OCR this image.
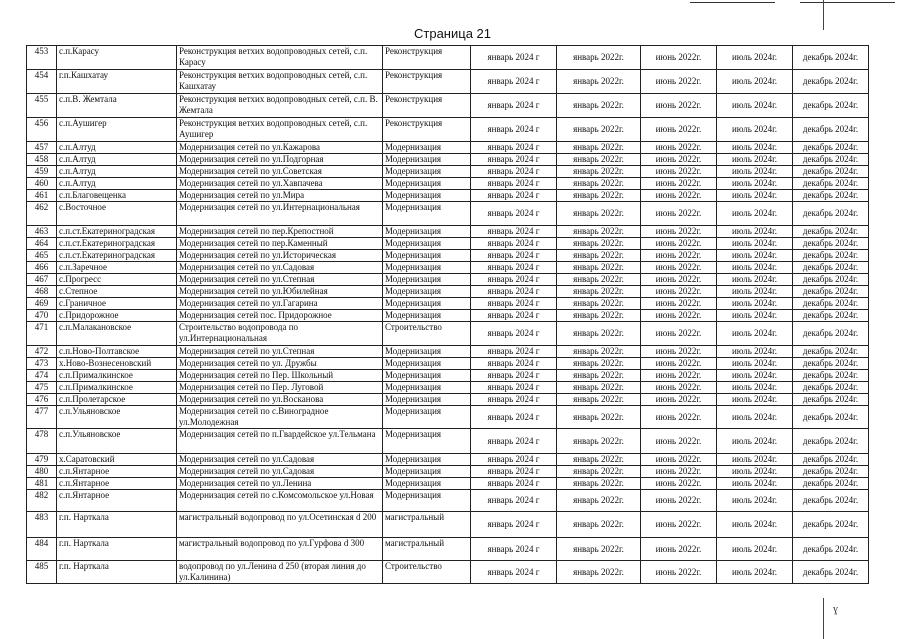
Страница 21
453	с.п.Карасу	Реконструкция ветхих водопроводных сетей, с.п. Карасу	Реконструкция	январь 2024 г	январь 2022г.	июнь 2022г.	июль 2024г.	декабрь 2024г.
454	г.п.Кашхатау	Реконструкция ветхих водопроводных сетей, с.п. Кашхатау	Реконструкция	январь 2024 г	январь 2022г.	июнь 2022г.	июль 2024г.	декабрь 2024г.
455	с.п.В. Жемтала	Реконструкция ветхих водопроводных сетей, с.п. В. Жемтала	Реконструкция	январь 2024 г	январь 2022г.	июнь 2022г.	июль 2024г.	декабрь 2024г.
456	с.п.Аушигер	Реконструкция ветхих водопроводных сетей, с.п. Аушигер	Реконструкция	январь 2024 г	январь 2022г.	июнь 2022г.	июль 2024г.	декабрь 2024г.
457	с.п.Алтуд	Модернизация сетей по ул.Кажарова	Модернизация	январь 2024 г	январь 2022г.	июнь 2022г.	июль 2024г.	декабрь 2024г.
458	с.п.Алтуд	Модернизация сетей по ул.Подгорная	Модернизация	январь 2024 г	январь 2022г.	июнь 2022г.	июль 2024г.	декабрь 2024г.
459	с.п.Алтуд	Модернизация сетей по ул.Советская	Модернизация	январь 2024 г	январь 2022г.	июнь 2022г.	июль 2024г.	декабрь 2024г.
460	с.п.Алтуд	Модернизация сетей по ул.Хавпачева	Модернизация	январь 2024 г	январь 2022г.	июнь 2022г.	июль 2024г.	декабрь 2024г.
461	с.п.Благовещенка	Модернизация сетей по ул.Мира	Модернизация	январь 2024 г	январь 2022г.	июнь 2022г.	июль 2024г.	декабрь 2024г.
462	с.Восточное	Модернизация сетей по ул.Интернациональная	Модернизация	январь 2024 г	январь 2022г.	июнь 2022г.	июль 2024г.	декабрь 2024г.
463	с.п.ст.Екатериноградская	Модернизация сетей по пер.Крепостной	Модернизация	январь 2024 г	январь 2022г.	июнь 2022г.	июль 2024г.	декабрь 2024г.
464	с.п.ст.Екатериноградская	Модернизация сетей по пер.Каменный	Модернизация	январь 2024 г	январь 2022г.	июнь 2022г.	июль 2024г.	декабрь 2024г.
465	с.п.ст.Екатериноградская	Модернизация сетей по ул.Историческая	Модернизация	январь 2024 г	январь 2022г.	июнь 2022г.	июль 2024г.	декабрь 2024г.
466	с.п.Заречное	Модернизация сетей по ул.Садовая	Модернизация	январь 2024 г	январь 2022г.	июнь 2022г.	июль 2024г.	декабрь 2024г.
467	с.Прогресс	Модернизация сетей по ул.Степная	Модернизация	январь 2024 г	январь 2022г.	июнь 2022г.	июль 2024г.	декабрь 2024г.
468	с.Степное	Модернизация сетей по ул.Юбилейная	Модернизация	январь 2024 г	январь 2022г.	июнь 2022г.	июль 2024г.	декабрь 2024г.
469	с.Граничное	Модернизация сетей по ул.Гагарина	Модернизация	январь 2024 г	январь 2022г.	июнь 2022г.	июль 2024г.	декабрь 2024г.
470	с.Придорожное	Модернизация сетей пос. Придорожное	Модернизация	январь 2024 г	январь 2022г.	июнь 2022г.	июль 2024г.	декабрь 2024г.
471	с.п.Малакановское	Строительство водопровода по ул.Интернациональная	Строительство	январь 2024 г	январь 2022г.	июнь 2022г.	июль 2024г.	декабрь 2024г.
472	с.п.Ново-Полтавское	Модернизация сетей по ул.Степная	Модернизация	январь 2024 г	январь 2022г.	июнь 2022г.	июль 2024г.	декабрь 2024г.
473	х.Ново-Вознесеновский	Модернизация сетей по ул. Дружбы	Модернизация	январь 2024 г	январь 2022г.	июнь 2022г.	июль 2024г.	декабрь 2024г.
474	с.п.Прималкинское	Модернизация сетей по Пер. Школьный	Модернизация	январь 2024 г	январь 2022г.	июнь 2022г.	июль 2024г.	декабрь 2024г.
475	с.п.Прималкинское	Модернизация сетей по Пер. Луговой	Модернизация	январь 2024 г	январь 2022г.	июнь 2022г.	июль 2024г.	декабрь 2024г.
476	с.п.Пролетарское	Модернизация сетей по ул.Восканова	Модернизация	январь 2024 г	январь 2022г.	июнь 2022г.	июль 2024г.	декабрь 2024г.
477	с.п.Ульяновское	Модернизация сетей по с.Виноградное ул.Молодежная	Модернизация	январь 2024 г	январь 2022г.	июнь 2022г.	июль 2024г.	декабрь 2024г.
478	с.п.Ульяновское	Модернизация сетей по п.Гвардейское ул.Тельмана	Модернизация	январь 2024 г	январь 2022г.	июнь 2022г.	июль 2024г.	декабрь 2024г.
479	х.Саратовский	Модернизация сетей по ул.Садовая	Модернизация	январь 2024 г	январь 2022г.	июнь 2022г.	июль 2024г.	декабрь 2024г.
480	с.п.Янтарное	Модернизация сетей по ул.Садовая	Модернизация	январь 2024 г	январь 2022г.	июнь 2022г.	июль 2024г.	декабрь 2024г.
481	с.п.Янтарное	Модернизация сетей по ул.Ленина	Модернизация	январь 2024 г	январь 2022г.	июнь 2022г.	июль 2024г.	декабрь 2024г.
482	с.п.Янтарное	Модернизация сетей по с.Комсомольское ул.Новая	Модернизация	январь 2024 г	январь 2022г.	июнь 2022г.	июль 2024г.	декабрь 2024г.
483	г.п. Нарткала	магистральный водопровод по ул.Осетинская d 200	магистральный	январь 2024 г	январь 2022г.	июнь 2022г.	июль 2024г.	декабрь 2024г.
484	г.п. Нарткала	магистральный водопровод по ул.Гурфова d 300	магистральный	январь 2024 г	январь 2022г.	июнь 2022г.	июль 2024г.	декабрь 2024г.
485	г.п. Нарткала	водопровод по ул.Ленина d 250 (вторая линия до ул.Калинина)	Строительство	январь 2024 г	январь 2022г.	июнь 2022г.	июль 2024г.	декабрь 2024г.
ɣ
